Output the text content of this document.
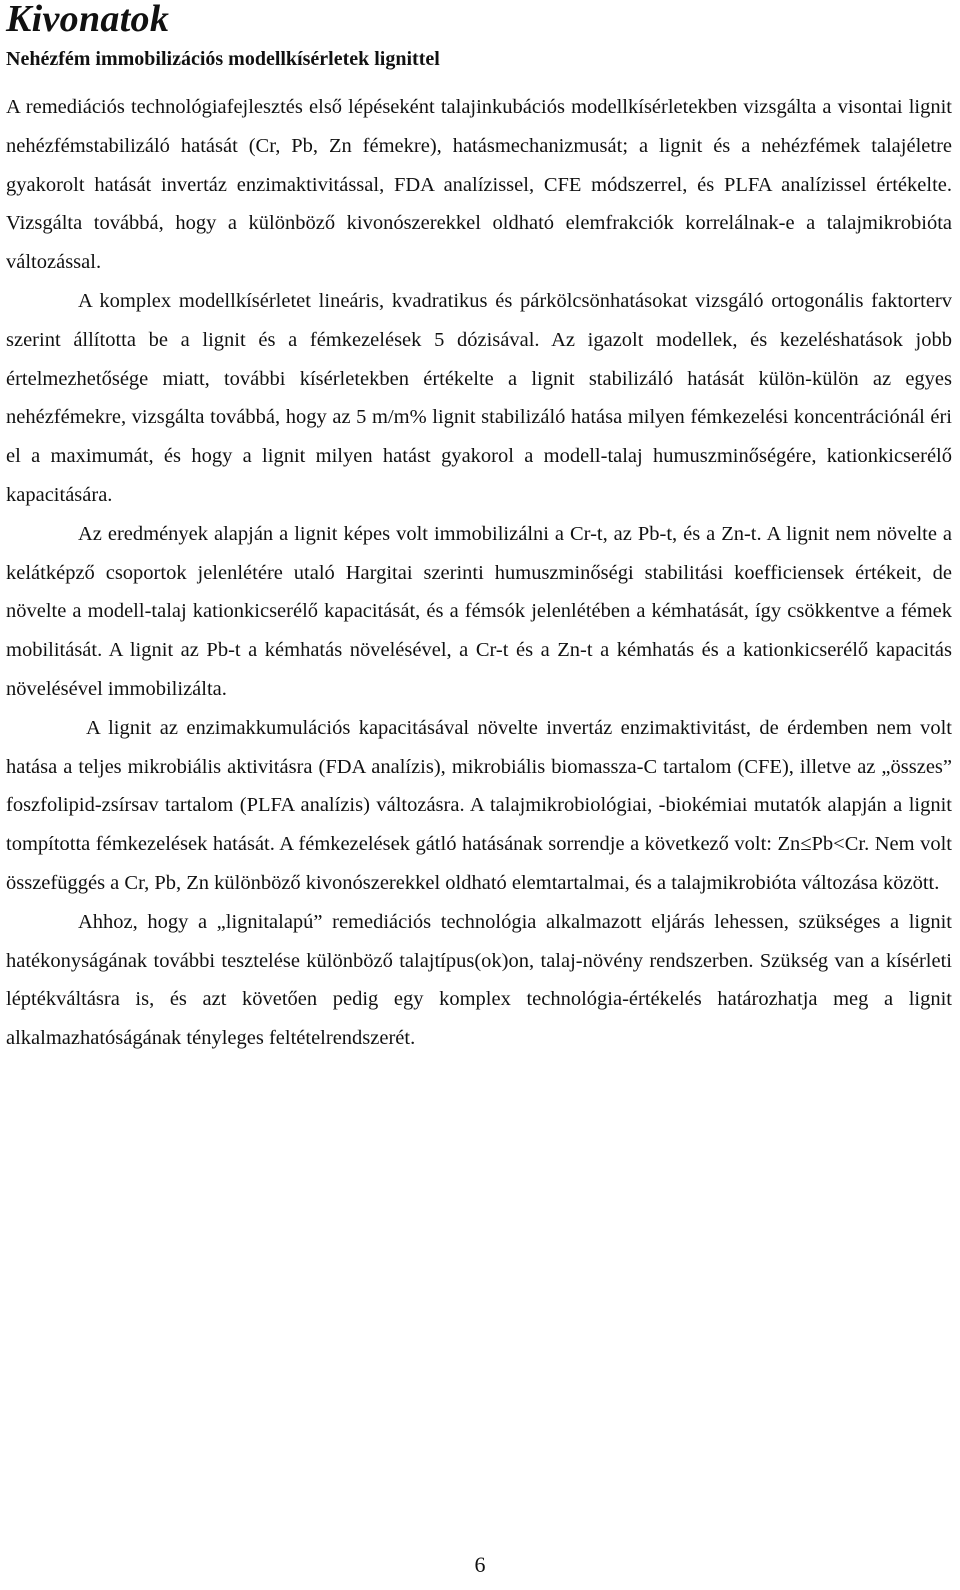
Kivonatok
Nehézfém immobilizációs modellkísérletek lignittel

A remediációs technológiafejlesztés első lépéseként talajinkubációs modellkísérletekben vizsgálta a visontai lignit nehézfémstabilizáló hatását (Cr, Pb, Zn fémekre), hatásmechanizmusát; a lignit és a nehézfémek talajéletre gyakorolt hatását invertáz enzimaktivitással, FDA analízissel, CFE módszerrel, és PLFA analízissel értékelte. Vizsgálta továbbá, hogy a különböző kivonószerekkel oldható elemfrakciók korrelálnak-e a talajmikrobióta változással.

A komplex modellkísérletet lineáris, kvadratikus és párkölcsönhatásokat vizsgáló ortogonális faktorterv szerint állította be a lignit és a fémkezelések 5 dózisával. Az igazolt modellek, és kezeléshatások jobb értelmezhetősége miatt, további kísérletekben értékelte a lignit stabilizáló hatását külön-külön az egyes nehézfémekre, vizsgálta továbbá, hogy az 5 m/m% lignit stabilizáló hatása milyen fémkezelési koncentrációnál éri el a maximumát, és hogy a lignit milyen hatást gyakorol a modell-talaj humuszminőségére, kationkicserélő kapacitására.

Az eredmények alapján a lignit képes volt immobilizálni a Cr-t, az Pb-t, és a Zn-t. A lignit nem növelte a kelátképző csoportok jelenlétére utaló Hargitai szerinti humuszminőségi stabilitási koefficiensek értékeit, de növelte a modell-talaj kationkicserélő kapacitását, és a fémsók jelenlétében a kémhatását, így csökkentve a fémek mobilitását. A lignit az Pb-t a kémhatás növelésével, a Cr-t és a Zn-t a kémhatás és a kationkicserélő kapacitás növelésével immobilizálta.

A lignit az enzimakkumulációs kapacitásával növelte invertáz enzimaktivitást, de érdemben nem volt hatása a teljes mikrobiális aktivitásra (FDA analízis), mikrobiális biomassza-C tartalom (CFE), illetve az „összes” foszfolipid-zsírsav tartalom (PLFA analízis) változásra. A talajmikrobiológiai, -biokémiai mutatók alapján a lignit tompította fémkezelések hatását. A fémkezelések gátló hatásának sorrendje a következő volt: Zn≤Pb<Cr. Nem volt összefüggés a Cr, Pb, Zn különböző kivonószerekkel oldható elemtartalmai, és a talajmikrobióta változása között.

Ahhoz, hogy a „lignitalapú” remediációs technológia alkalmazott eljárás lehessen, szükséges a lignit hatékonyságának további tesztelése különböző talajtípus(ok)on, talaj-növény rendszerben. Szükség van a kísérleti léptékváltásra is, és azt követően pedig egy komplex technológia-értékelés határozhatja meg a lignit alkalmazhatóságának tényleges feltételrendszerét.

6
